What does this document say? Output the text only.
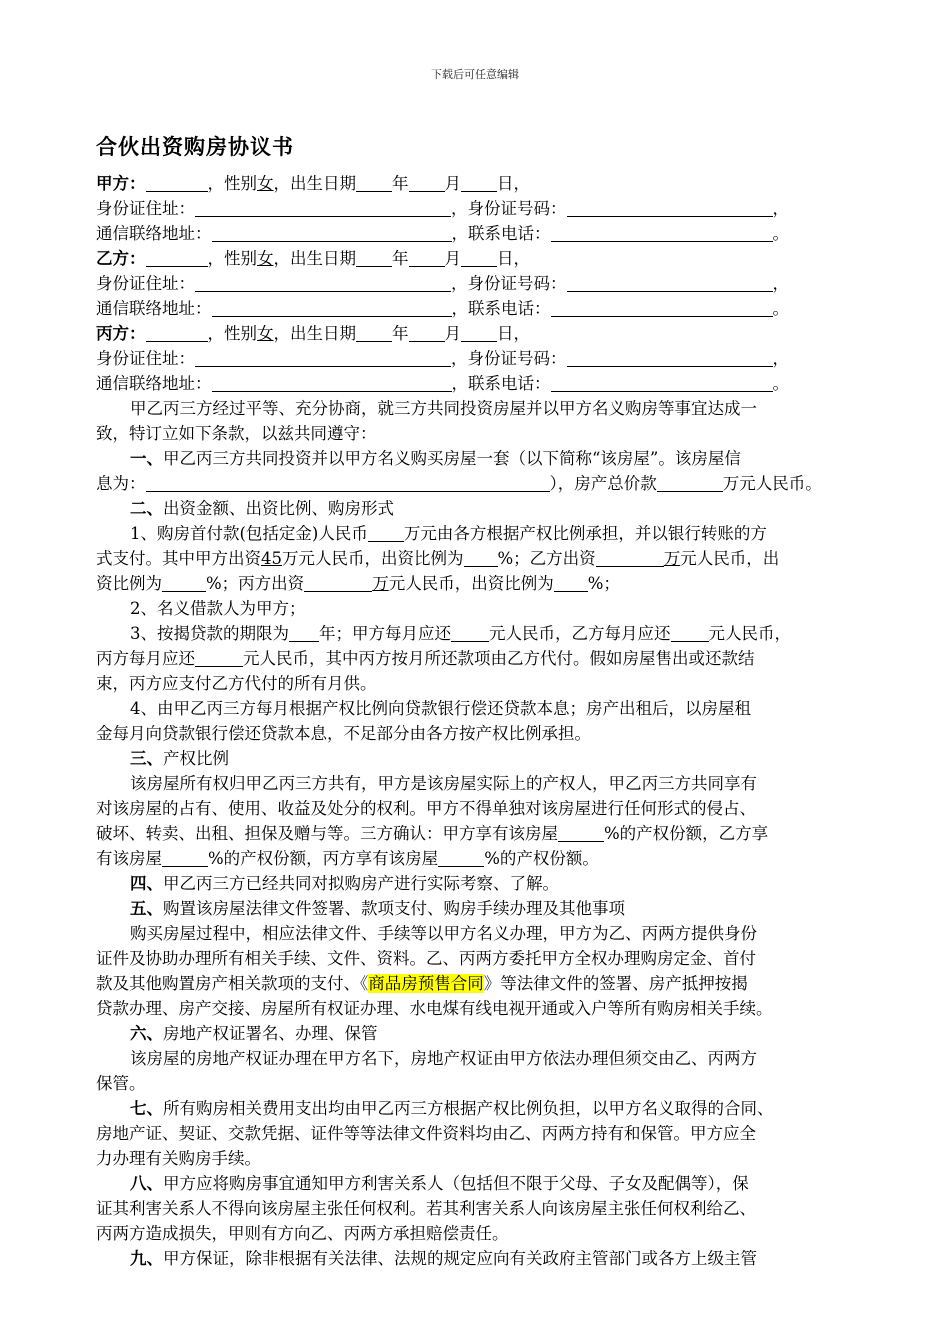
下载后可任意编辑
合伙出资购房协议书
甲方：	，性别女，出生日期 年 月 日，
身份证住址：	，身份证号码：	，
通信联络地址：	，联系电话：	。
乙方：	，性别女，出生日期 年 月 日，
身份证住址：	，身份证号码：	，
通信联络地址：	，联系电话：	。
丙方：	，性别女，出生日期 年 月 日，
身份证住址：	，身份证号码：	，
通信联络地址：	，联系电话：	。
甲乙丙三方经过平等、充分协商，就三方共同投资房屋并以甲方名义购房等事宜达成一
致，特订立如下条款，以兹共同遵守：
一、甲乙丙三方共同投资并以甲方名义购买房屋一套（以下简称“该房屋”。该房屋信
息为：	），房产总价款	万元人民币。
二、出资金额、出资比例、购房形式
1、购房首付款(包括定金)人民币 万元由各方根据产权比例承担，并以银行转账的方
式支付。其中甲方出资45万元人民币，出资比例为 %；乙方出资	万元人民币，出
资比例为	%；丙方出资	万元人民币，出资比例为 %；
2、名义借款人为甲方；
3、按揭贷款的期限为 年；甲方每月应还 元人民币，乙方每月应还 元人民币，
丙方每月应还	元人民币，其中丙方按月所还款项由乙方代付。假如房屋售出或还款结
束，丙方应支付乙方代付的所有月供。
4、由甲乙丙三方每月根据产权比例向贷款银行偿还贷款本息；房产出租后，以房屋租
金每月向贷款银行偿还贷款本息，不足部分由各方按产权比例承担。
三、产权比例
该房屋所有权归甲乙丙三方共有，甲方是该房屋实际上的产权人，甲乙丙三方共同享有
对该房屋的占有、使用、收益及处分的权利。甲方不得单独对该房屋进行任何形式的侵占、
破坏、转卖、出租、担保及赠与等。三方确认：甲方享有该房屋	%的产权份额，乙方享
有该房屋	%的产权份额，丙方享有该房屋	%的产权份额。
四、甲乙丙三方已经共同对拟购房产进行实际考察、了解。
五、购置该房屋法律文件签署、款项支付、购房手续办理及其他事项
购买房屋过程中，相应法律文件、手续等以甲方名义办理，甲方为乙、丙两方提供身份
证件及协助办理所有相关手续、文件、资料。乙、丙两方委托甲方全权办理购房定金、首付
款及其他购置房产相关款项的支付、《商品房预售合同》等法律文件的签署、房产抵押按揭
贷款办理、房产交接、房屋所有权证办理、水电煤有线电视开通或入户等所有购房相关手续。
六、房地产权证署名、办理、保管
该房屋的房地产权证办理在甲方名下，房地产权证由甲方依法办理但须交由乙、丙两方
保管。
七、所有购房相关费用支出均由甲乙丙三方根据产权比例负担，以甲方名义取得的合同、
房地产证、契证、交款凭据、证件等等法律文件资料均由乙、丙两方持有和保管。甲方应全
力办理有关购房手续。
八、甲方应将购房事宜通知甲方利害关系人（包括但不限于父母、子女及配偶等），保
证其利害关系人不得向该房屋主张任何权利。若其利害关系人向该房屋主张任何权利给乙、
丙两方造成损失，甲则有方向乙、丙两方承担赔偿责任。
九、甲方保证，除非根据有关法律、法规的规定应向有关政府主管部门或各方上级主管
